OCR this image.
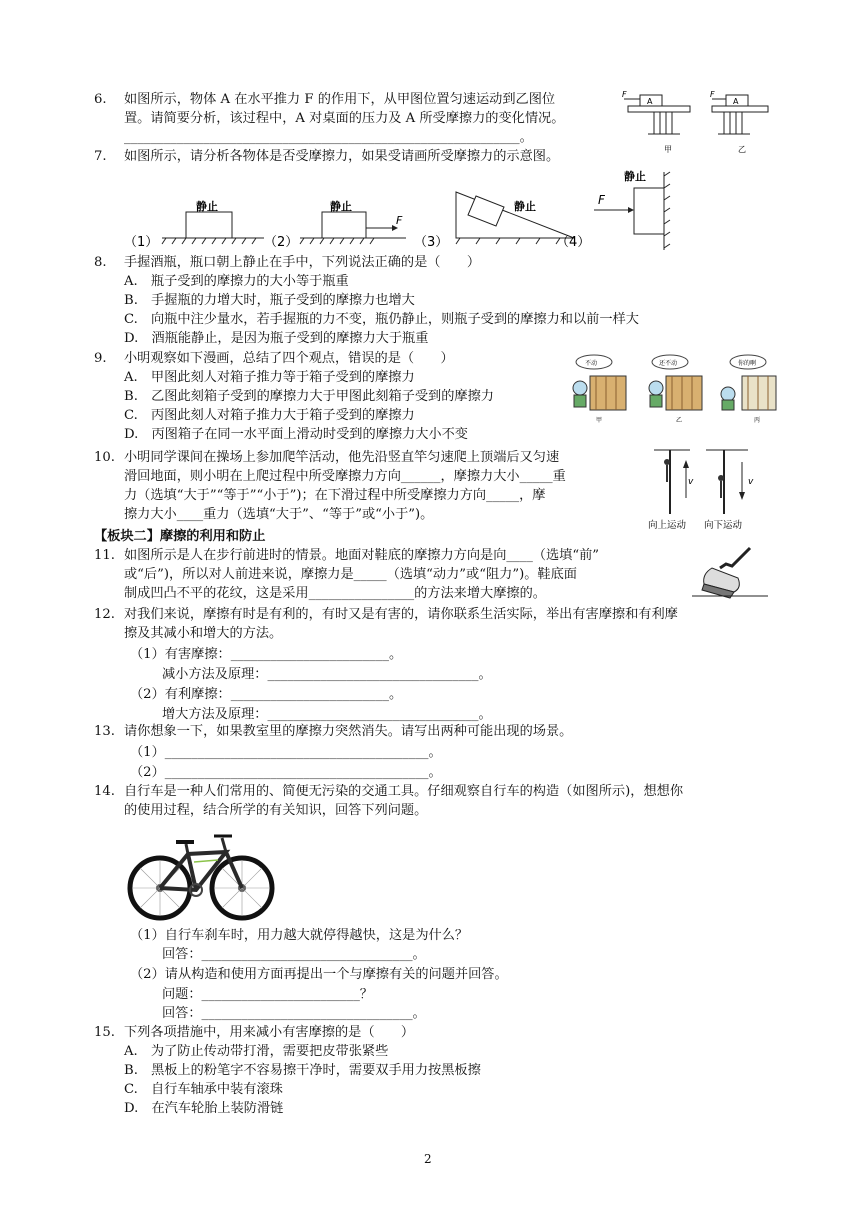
6. 如图所示，物体 A 在水平推力 F 的作用下，从甲图位置匀速运动到乙图位
置。请简要分析，该过程中，A 对桌面的压力及 A 所受摩擦力的变化情况。
____________________________________________________________。
A
F
甲
A
F
乙
7. 如图所示，请分析各物体是否受摩擦力，如果受请画所受摩擦力的示意图。
（1）
静止
（2）
静止
F
（3）
静止
（4）
静止
F
8. 手握酒瓶，瓶口朝上静止在手中，下列说法正确的是（　　）
A.　瓶子受到的摩擦力的大小等于瓶重
B.　手握瓶的力增大时，瓶子受到的摩擦力也增大
C.　向瓶中注少量水，若手握瓶的力不变，瓶仍静止，则瓶子受到的摩擦力和以前一样大
D.　酒瓶能静止，是因为瓶子受到的摩擦力大于瓶重
9. 小明观察如下漫画，总结了四个观点，错误的是（　　）
A.　甲图此刻人对箱子推力等于箱子受到的摩擦力
B.　乙图此刻箱子受到的摩擦力大于甲图此刻箱子受到的摩擦力
C.　丙图此刻人对箱子推力大于箱子受到的摩擦力
D.　丙图箱子在同一水平面上滑动时受到的摩擦力大小不变
不动
甲
还不动
乙
你的啊
丙
10. 小明同学课间在操场上参加爬竿活动，他先沿竖直竿匀速爬上顶端后又匀速
滑回地面，则小明在上爬过程中所受摩擦力方向______，摩擦力大小_____重
力（选填“大于”“等于”“小于”)；在下滑过程中所受摩擦力方向_____，摩
擦力大小____重力（选填“大于”、“等于”或“小于”)。
v	v
向上运动 向下运动
【板块二】摩擦的利用和防止
11. 如图所示是人在步行前进时的情景。地面对鞋底的摩擦力方向是向____（选填“前”
或“后”)，所以对人前进来说，摩擦力是_____（选填“动力”或“阻力”)。鞋底面
制成凹凸不平的花纹，这是采用________________的方法来增大摩擦的。
12. 对我们来说，摩擦有时是有利的，有时又是有害的，请你联系生活实际，举出有害摩擦和有利摩
擦及其减小和增大的方法。
（1）有害摩擦：________________________。
减小方法及原理：________________________________。
（2）有利摩擦：________________________。
增大方法及原理：________________________________。
13. 请你想象一下，如果教室里的摩擦力突然消失。请写出两种可能出现的场景。
（1）________________________________________。
（2）________________________________________。
14. 自行车是一种人们常用的、简便无污染的交通工具。仔细观察自行车的构造（如图所示)，想想你
的使用过程，结合所学的有关知识，回答下列问题。
（1）自行车刹车时，用力越大就停得越快，这是为什么？
回答：________________________________。
（2）请从构造和使用方面再提出一个与摩擦有关的问题并回答。
问题：________________________？
回答：________________________________。
15. 下列各项措施中，用来减小有害摩擦的是（　　）
A.　为了防止传动带打滑，需要把皮带张紧些
B.　黑板上的粉笔字不容易擦干净时，需要双手用力按黑板擦
C.　自行车轴承中装有滚珠
D.　在汽车轮胎上装防滑链
2
